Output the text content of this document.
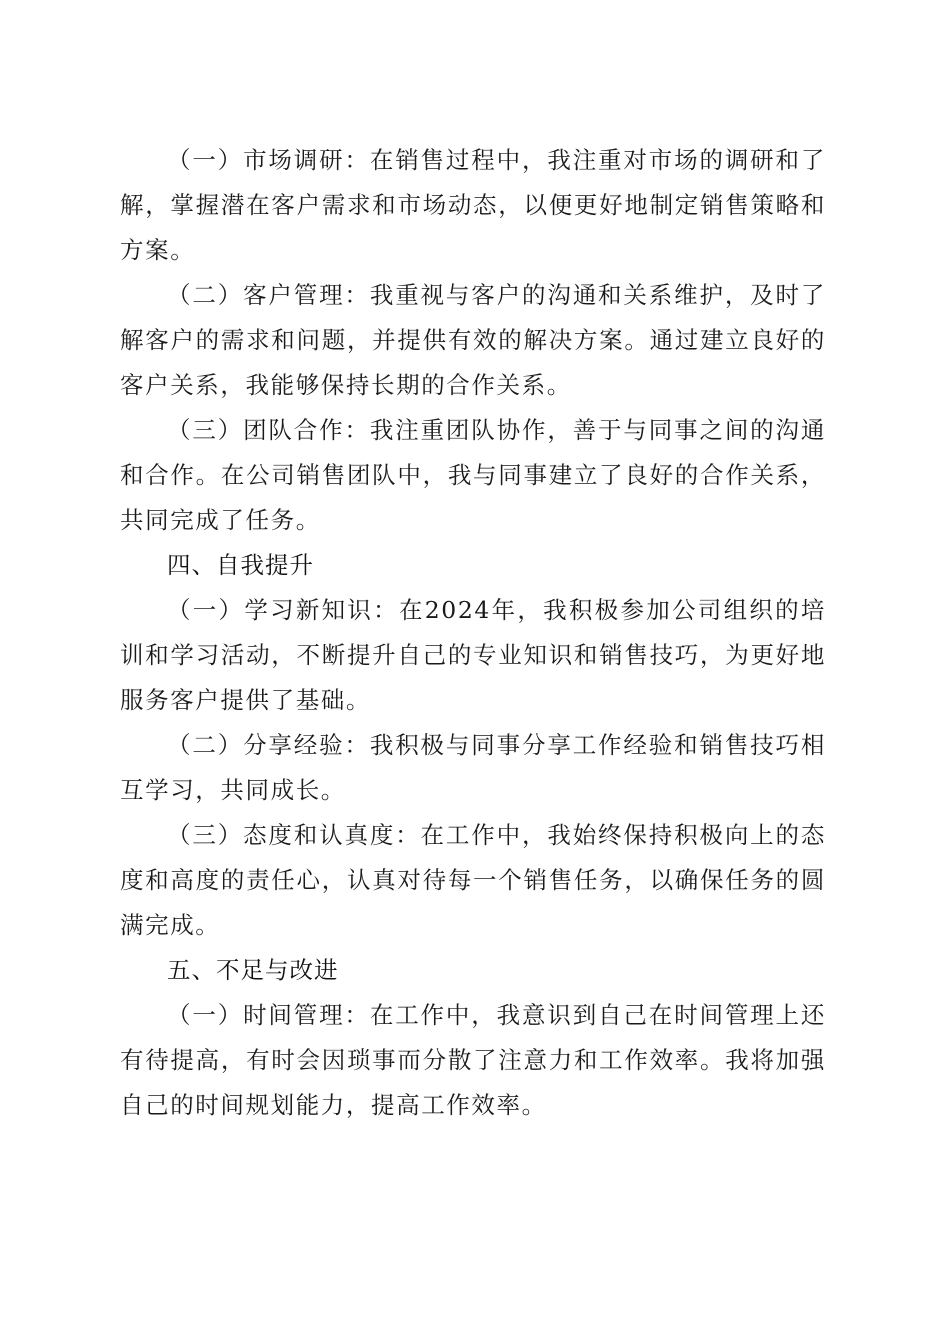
（一）市场调研：在销售过程中，我注重对市场的调研和了解，掌握潜在客户需求和市场动态，以便更好地制定销售策略和方案。

（二）客户管理：我重视与客户的沟通和关系维护，及时了解客户的需求和问题，并提供有效的解决方案。通过建立良好的客户关系，我能够保持长期的合作关系。

（三）团队合作：我注重团队协作，善于与同事之间的沟通和合作。在公司销售团队中，我与同事建立了良好的合作关系，共同完成了任务。

四、自我提升

（一）学习新知识：在2024年，我积极参加公司组织的培训和学习活动，不断提升自己的专业知识和销售技巧，为更好地服务客户提供了基础。

（二）分享经验：我积极与同事分享工作经验和销售技巧相互学习，共同成长。

（三）态度和认真度：在工作中，我始终保持积极向上的态度和高度的责任心，认真对待每一个销售任务，以确保任务的圆满完成。

五、不足与改进

（一）时间管理：在工作中，我意识到自己在时间管理上还有待提高，有时会因琐事而分散了注意力和工作效率。我将加强自己的时间规划能力，提高工作效率。
